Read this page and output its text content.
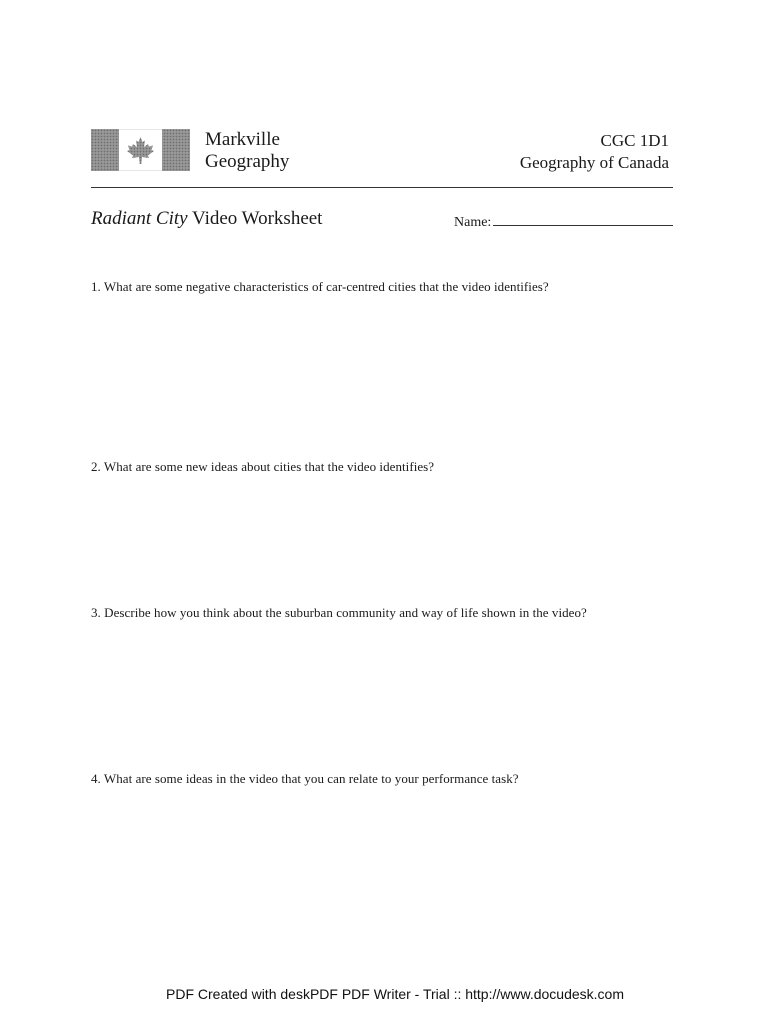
Markville
Geography
CGC 1D1
Geography of Canada
Radiant City Video Worksheet	Name:
1. What are some negative characteristics of car-centred cities that the video identifies?
2. What are some new ideas about cities that the video identifies?
3. Describe how you think about the suburban community and way of life shown in the video?
4. What are some ideas in the video that you can relate to your performance task?
PDF Created with deskPDF PDF Writer - Trial :: http://www.docudesk.com
